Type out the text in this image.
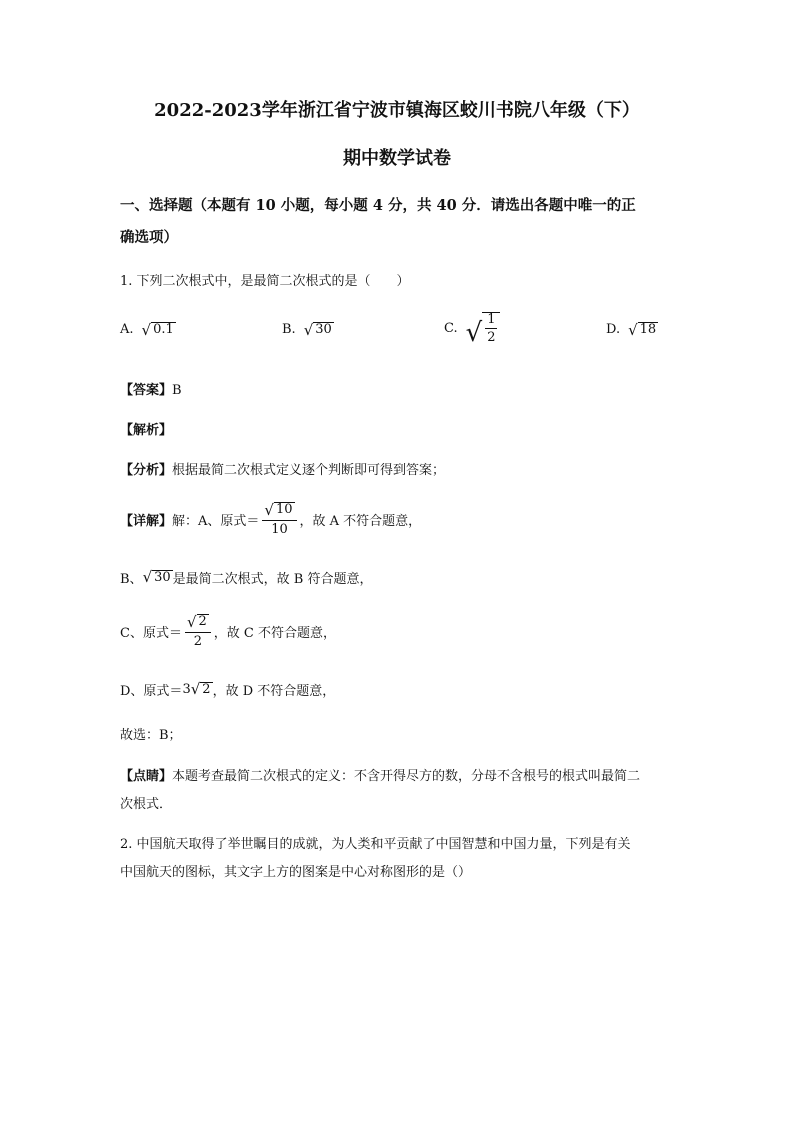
2022-2023学年浙江省宁波市镇海区蛟川书院八年级（下）
期中数学试卷
一、选择题（本题有 10 小题，每小题 4 分，共 40 分．请选出各题中唯一的正
确选项）
1. 下列二次根式中，是最简二次根式的是（　　）
A. √ 0.1	B. √ 30	C. √ $\frac{1}{2}$	D. √ 18
【答案】B
【解析】
【分析】根据最简二次根式定义逐个判断即可得到答案；
【详解】 解：A、原式＝ $\frac{√ 10}{10}$ ，故 A 不符合题意，
B、 √ 30 是最简二次根式，故 B 符合题意，
C、原式＝ $\frac{√ 2}{2}$ ，故 C 不符合题意，
D、原式＝ 3 √ 2 ，故 D 不符合题意，
故选：B；
【点睛】本题考查最简二次根式的定义：不含开得尽方的数，分母不含根号的根式叫最简二
次根式．
2. 中国航天取得了举世瞩目的成就，为人类和平贡献了中国智慧和中国力量，下列是有关
中国航天的图标，其文字上方的图案是中心对称图形的是（）
